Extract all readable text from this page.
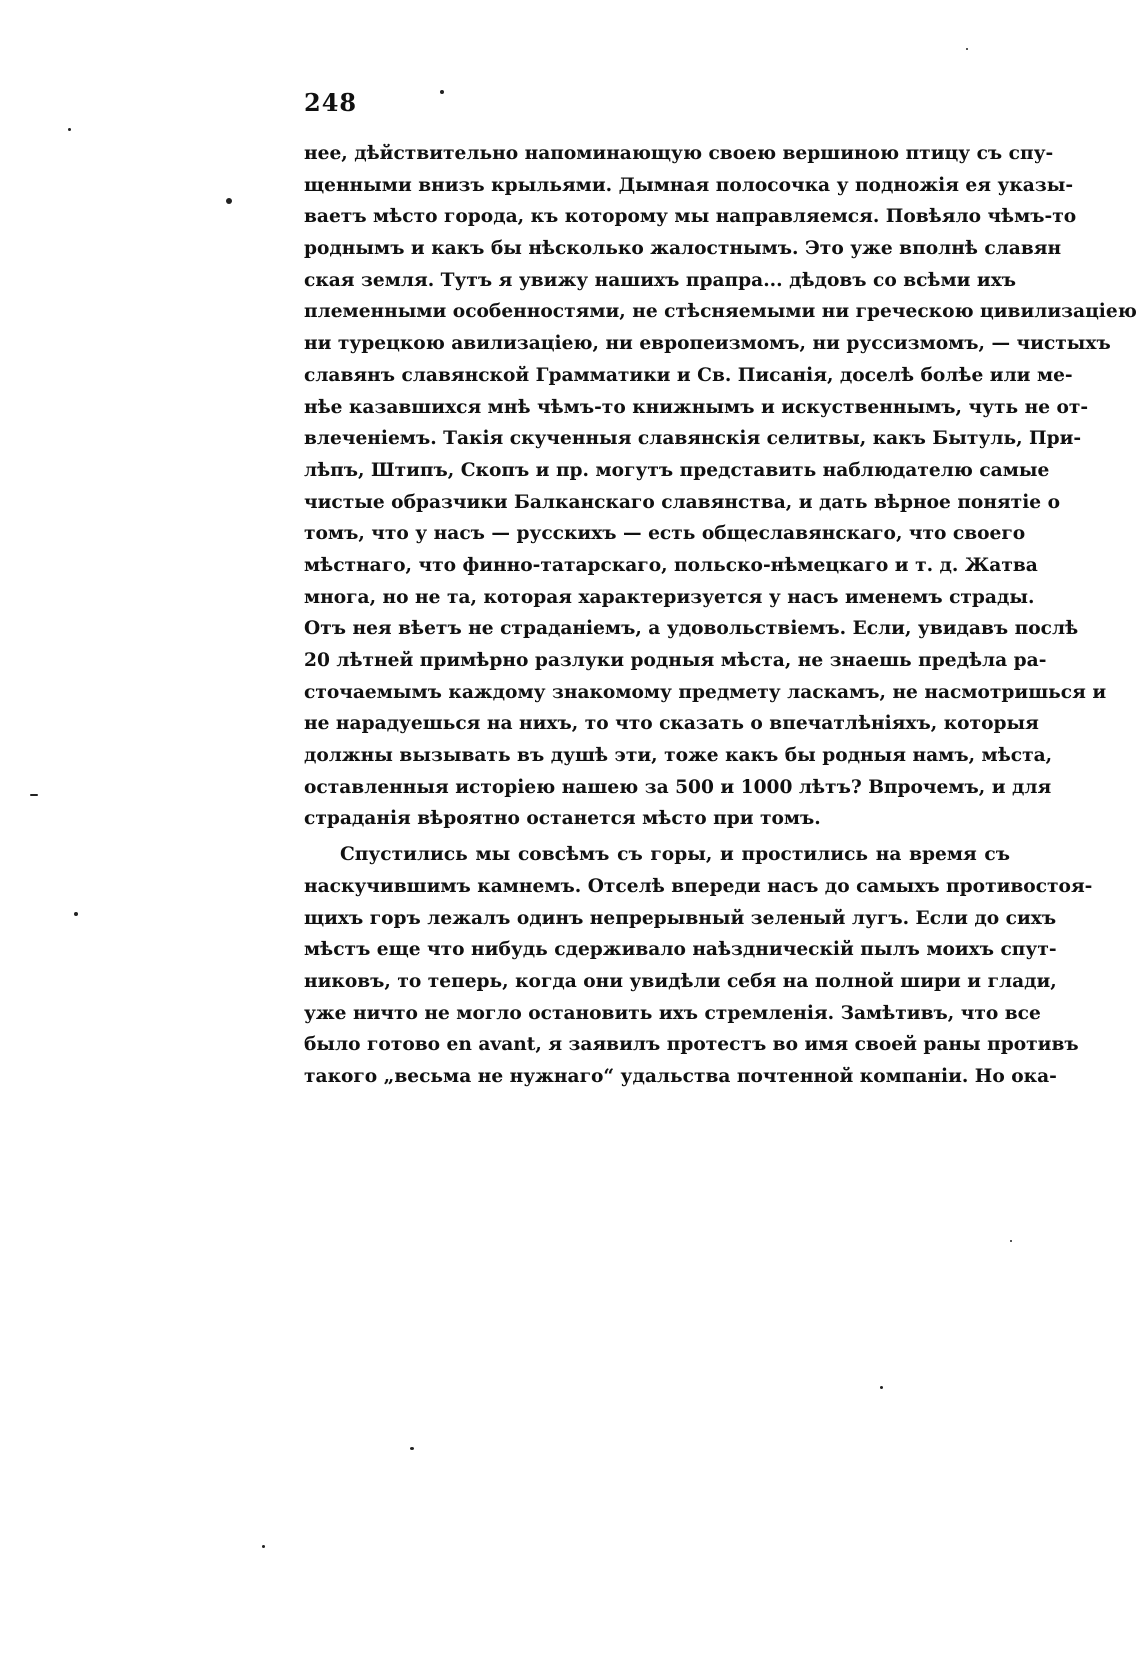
248
нее, дѣйствительно напоминающую своею вершиною птицу съ спу-
щенными внизъ крыльями. Дымная полосочка у подножія ея указы-
ваетъ мѣсто города, къ которому мы направляемся. Повѣяло чѣмъ-то
роднымъ и какъ бы нѣсколько жалостнымъ. Это уже вполнѣ славян
ская земля. Тутъ я увижу нашихъ прапра... дѣдовъ со всѣми ихъ
племенными особенностями, не стѣсняемыми ни греческою цивилизаціею
ни турецкою авилизаціею, ни европеизмомъ, ни руссизмомъ, — чистыхъ
славянъ славянской Грамматики и Св. Писанія, доселѣ болѣе или ме-
нѣе казавшихся мнѣ чѣмъ-то книжнымъ и искуственнымъ, чуть не от-
влеченіемъ. Такія скученныя славянскія селитвы, какъ Бытуль, При-
лѣпъ, Штипъ, Скопъ и пр. могутъ представить наблюдателю самые
чистые образчики Балканскаго славянства, и дать вѣрное понятіе о
томъ, что у насъ — русскихъ — есть общеславянскаго, что своего
мѣстнаго, что финно-татарскаго, польско-нѣмецкаго и т. д. Жатва
многа, но не та, которая характеризуется у насъ именемъ страды.
Отъ нея вѣетъ не страданіемъ, а удовольствіемъ. Если, увидавъ послѣ
20 лѣтней примѣрно разлуки родныя мѣста, не знаешь предѣла ра-
сточаемымъ каждому знакомому предмету ласкамъ, не насмотришься и
не нарадуешься на нихъ, то что сказать о впечатлѣніяхъ, которыя
должны вызывать въ душѣ эти, тоже какъ бы родныя намъ, мѣста,
оставленныя исторіею нашею за 500 и 1000 лѣтъ? Впрочемъ, и для
страданія вѣроятно останется мѣсто при томъ.
Спустились мы совсѣмъ съ горы, и простились на время съ
наскучившимъ камнемъ. Отселѣ впереди насъ до самыхъ противостоя-
щихъ горъ лежалъ одинъ непрерывный зеленый лугъ. Если до сихъ
мѣстъ еще что нибудь сдерживало наѣздническій пылъ моихъ спут-
никовъ, то теперь, когда они увидѣли себя на полной шири и глади,
уже ничто не могло остановить ихъ стремленія. Замѣтивъ, что все
было готово en avant, я заявилъ протестъ во имя своей раны противъ
такого „весьма не нужнаго“ удальства почтенной компаніи. Но ока-
